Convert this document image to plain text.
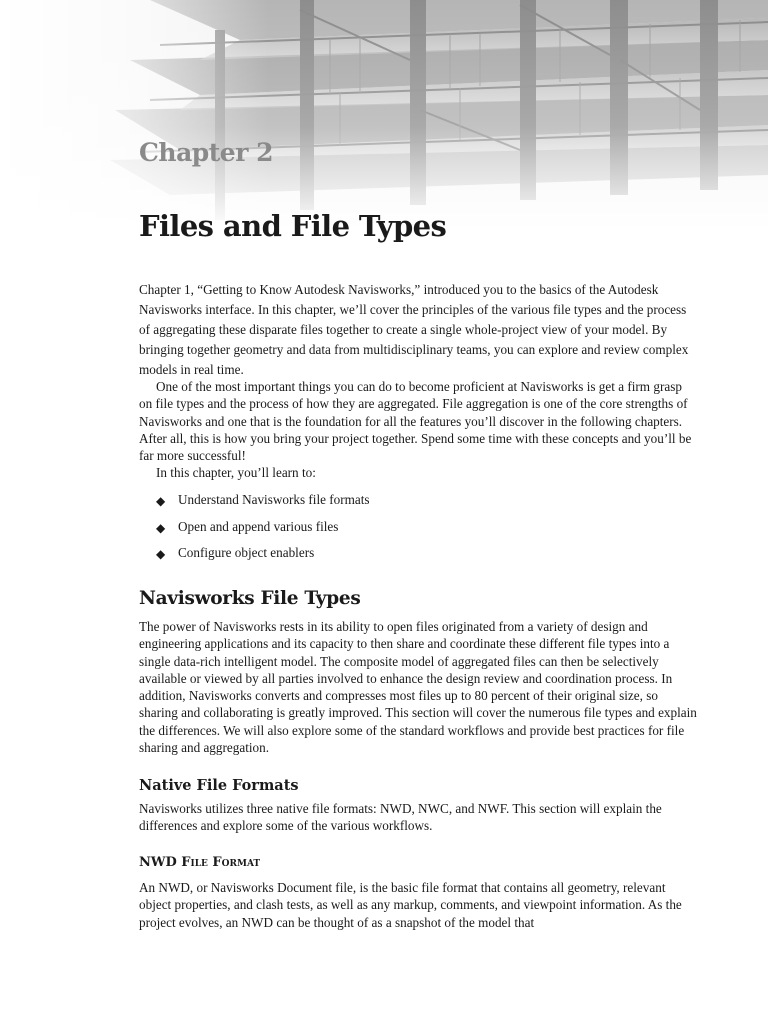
Chapter 2
Files and File Types

Chapter 1, “Getting to Know Autodesk Navisworks,” introduced you to the basics of the Autodesk Navisworks interface. In this chapter, we’ll cover the principles of the various file types and the process of aggregating these disparate files together to create a single whole-project view of your model. By bringing together geometry and data from multidisciplinary teams, you can explore and review complex models in real time.

One of the most important things you can do to become proficient at Navisworks is get a firm grasp on file types and the process of how they are aggregated. File aggregation is one of the core strengths of Navisworks and one that is the foundation for all the features you’ll discover in the following chapters. After all, this is how you bring your project together. Spend some time with these concepts and you’ll be far more successful!

In this chapter, you’ll learn to:

◆ Understand Navisworks file formats
◆ Open and append various files
◆ Configure object enablers
Navisworks File Types

The power of Navisworks rests in its ability to open files originated from a variety of design and engineering applications and its capacity to then share and coordinate these different file types into a single data-rich intelligent model. The composite model of aggregated files can then be selectively available or viewed by all parties involved to enhance the design review and coordination process. In addition, Navisworks converts and compresses most files up to 80 percent of their original size, so sharing and collaborating is greatly improved. This section will cover the numerous file types and explain the differences. We will also explore some of the standard workflows and provide best practices for file sharing and aggregation.

Native File Formats

Navisworks utilizes three native file formats: NWD, NWC, and NWF. This section will explain the differences and explore some of the various workflows.

NWD File Format

An NWD, or Navisworks Document file, is the basic file format that contains all geometry, relevant object properties, and clash tests, as well as any markup, comments, and viewpoint information. As the project evolves, an NWD can be thought of as a snapshot of the model that
